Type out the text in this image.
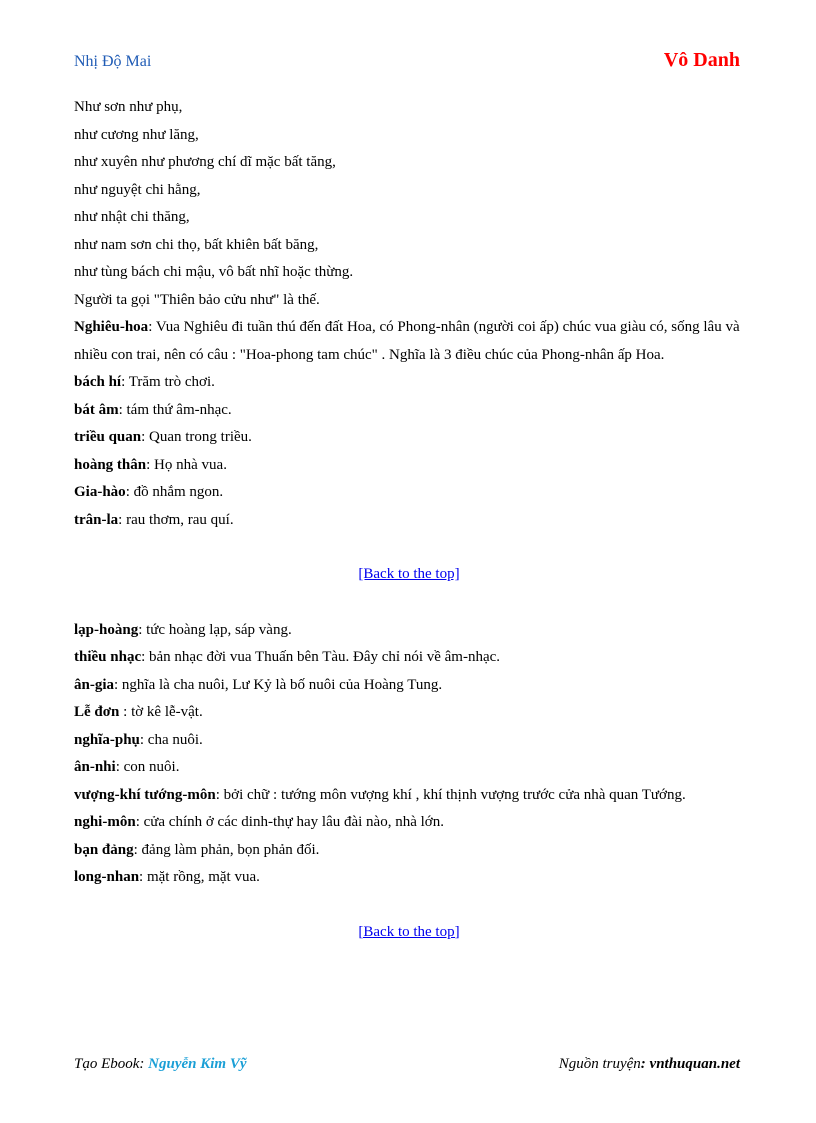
Nhị Độ Mai	Vô Danh

Như sơn như phụ,

như cương như lăng,

như xuyên như phương chí dĩ mặc bất tăng,

như nguyệt chi hằng,

như nhật chi thăng,

như nam sơn chi thọ, bất khiên bất băng,

như tùng bách chi mậu, vô bất nhĩ hoặc thừng.

Người ta gọi "Thiên bảo cửu như" là thế.

Nghiêu-hoa: Vua Nghiêu đi tuần thú đến đất Hoa, có Phong-nhân (người coi ấp) chúc vua giàu có, sống lâu và nhiều con trai, nên có câu : "Hoa-phong tam chúc" . Nghĩa là 3 điều chúc của Phong-nhân ấp Hoa.

bách hí: Trăm trò chơi.

bát âm: tám thứ âm-nhạc.

triều quan: Quan trong triều.

hoàng thân: Họ nhà vua.

Gia-hào: đồ nhắm ngon.

trân-la: rau thơm, rau quí.

[Back to the top]

lạp-hoàng: tức hoàng lạp, sáp vàng.

thiều nhạc: bản nhạc đời vua Thuấn bên Tàu. Đây chỉ nói về âm-nhạc.

ân-gia: nghĩa là cha nuôi, Lư Kỷ là bố nuôi của Hoàng Tung.

Lễ đơn : tờ kê lễ-vật.

nghĩa-phụ: cha nuôi.

ân-nhi: con nuôi.

vượng-khí tướng-môn: bởi chữ : tướng môn vượng khí , khí thịnh vượng trước cửa nhà quan Tướng.

nghi-môn: cửa chính ở các dinh-thự hay lâu đài nào, nhà lớn.

bạn đảng: đảng làm phản, bọn phản đối.

long-nhan: mặt rồng, mặt vua.

[Back to the top]

Tạo Ebook: Nguyễn Kim Vỹ	Nguồn truyện: vnthuquan.net
